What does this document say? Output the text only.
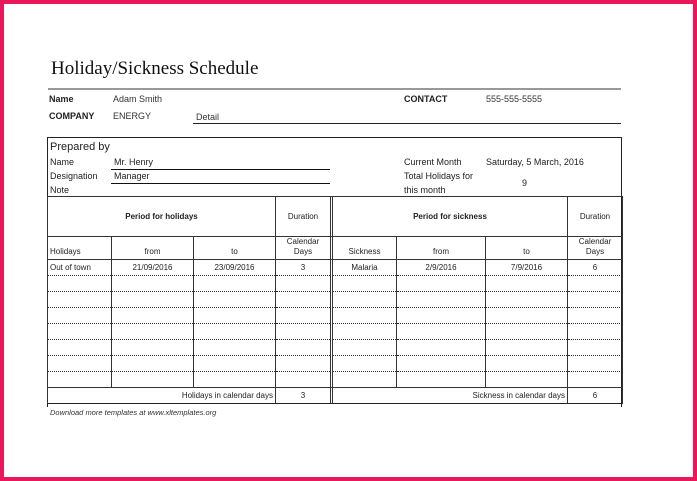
Holiday/Sickness Schedule
Name	Adam Smith	CONTACT	555-555-5555
COMPANY ENERGY	Detail
Prepared by
Name	Mr. Henry
Designation Manager
Note
Current Month	Saturday, 5 March, 2016
Total Holidays for
this month
9
Period for holidays			Duration		Period for sickness			Duration
Holidays	from	to	Calendar Days		Sickness	from	to	Calendar Days
Out of town	21/09/2016	23/09/2016	3		Malaria	2/9/2016	7/9/2016	6

Holidays in calendar days			3		Sickness in calendar days			6
Download more templates at www.xltemplates.org
